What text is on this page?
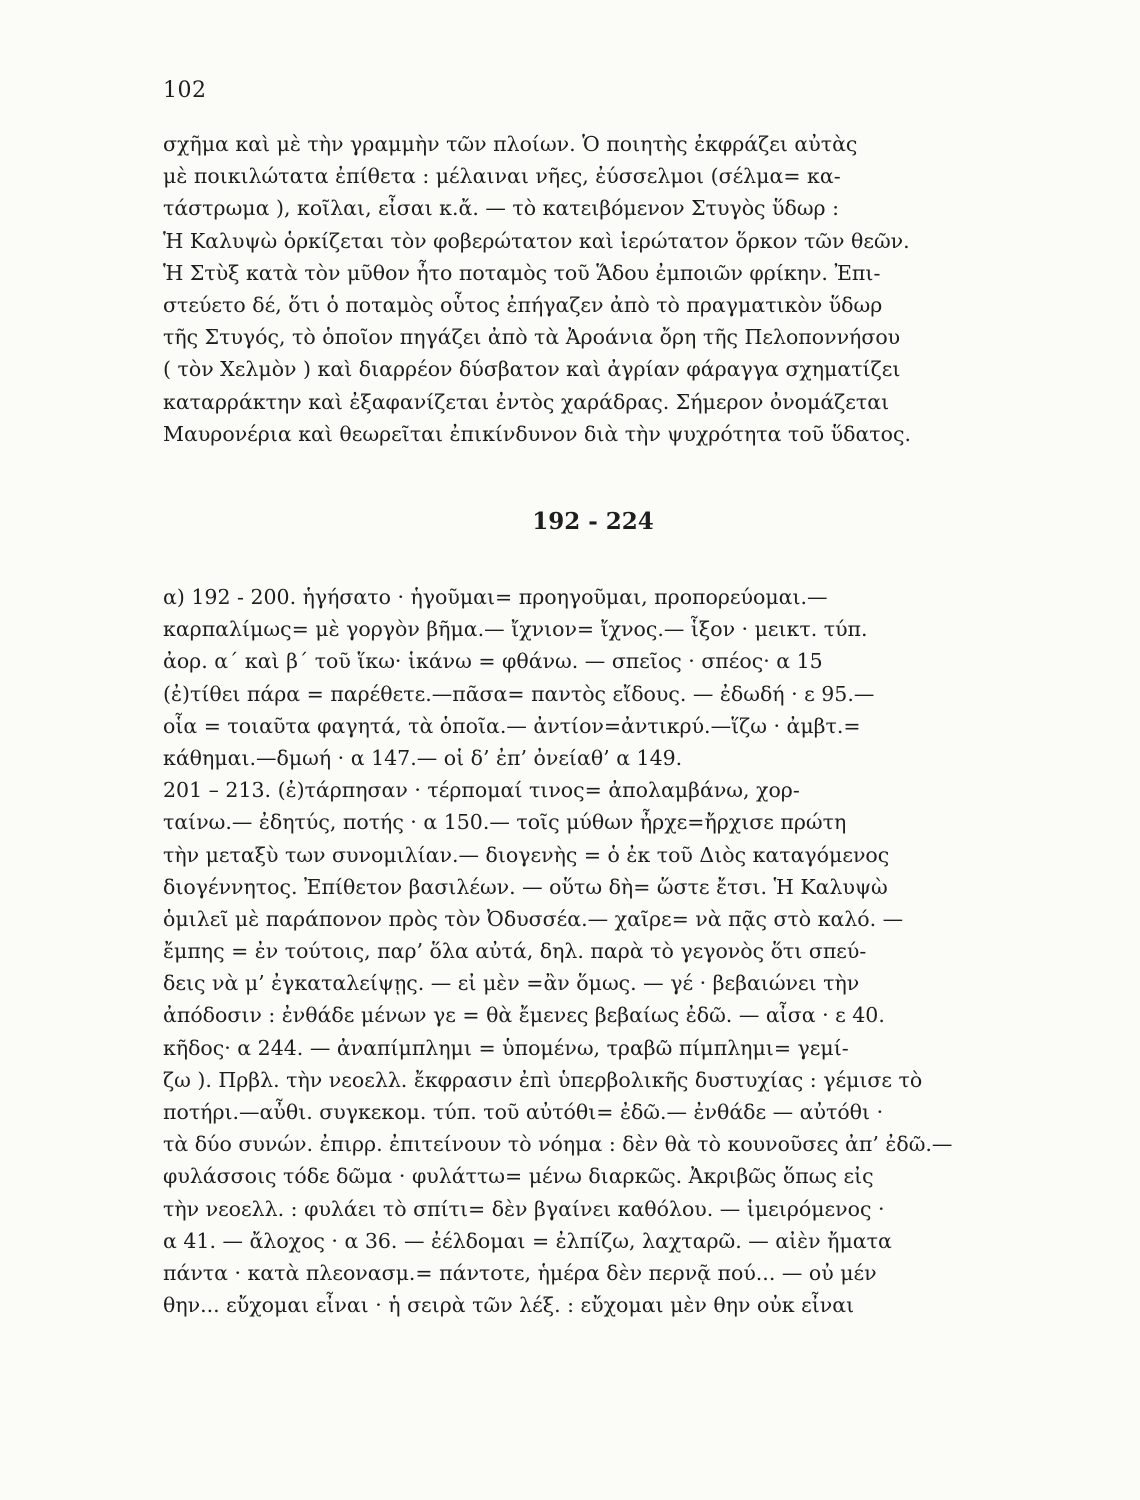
102
σχῆμα καὶ μὲ τὴν γραμμὴν τῶν πλοίων. Ὁ ποιητὴς ἐκφράζει αὐτὰς
μὲ ποικιλώτατα ἐπίθετα : μέλαιναι νῆες, ἐύσσελμοι (σέλμα= κα-
τάστρωμα ), κοῖλαι, εἶσαι κ.ἄ. — τὸ κατειβόμενον Στυγὸς ὕδωρ :
Ἡ Καλυψὼ ὁρκίζεται τὸν φοβερώτατον καὶ ἱερώτατον ὅρκον τῶν θεῶν.
Ἡ Στὺξ κατὰ τὸν μῦθον ἦτο ποταμὸς τοῦ Ἅδου ἐμποιῶν φρίκην. Ἐπι-
στεύετο δέ, ὅτι ὁ ποταμὸς οὗτος ἐπήγαζεν ἀπὸ τὸ πραγματικὸν ὕδωρ
τῆς Στυγός, τὸ ὁποῖον πηγάζει ἀπὸ τὰ Ἀροάνια ὄρη τῆς Πελοποννήσου
( τὸν Χελμὸν ) καὶ διαρρέον δύσβατον καὶ ἀγρίαν φάραγγα σχηματίζει
καταρράκτην καὶ ἐξαφανίζεται ἐντὸς χαράδρας. Σήμερον ὀνομάζεται
Μαυρονέρια καὶ θεωρεῖται ἐπικίνδυνον διὰ τὴν ψυχρότητα τοῦ ὕδατος.
192 - 224
α) 192 - 200. ἡγήσατο · ἡγοῦμαι= προηγοῦμαι, προπορεύομαι.—
καρπαλίμως= μὲ γοργὸν βῆμα.— ἴχνιον= ἴχνος.— ἷξον · μεικτ. τύπ.
ἀορ. α΄ καὶ β΄ τοῦ ἵκω· ἱκάνω = φθάνω. — σπεῖος · σπέος· α 15
(ἐ)τίθει πάρα = παρέθετε.—πᾶσα= παντὸς εἴδους. — ἐδωδή · ε 95.—
οἷα = τοιαῦτα φαγητά, τὰ ὁποῖα.— ἀντίον=ἀντικρύ.—ἵζω · ἀμβτ.=
κάθημαι.—δμωή · α 147.— οἱ δ’ ἐπ’ ὀνείαθ’ α 149.
201 – 213. (ἐ)τάρπησαν · τέρπομαί τινος= ἀπολαμβάνω, χορ-
ταίνω.— ἐδητύς, ποτής · α 150.— τοῖς μύθων ἦρχε=ἤρχισε πρώτη
τὴν μεταξὺ των συνομιλίαν.— διογενὴς = ὁ ἐκ τοῦ Διὸς καταγόμενος
διογέννητος. Ἐπίθετον βασιλέων. — οὕτω δὴ= ὥστε ἔτσι. Ἡ Καλυψὼ
ὁμιλεῖ μὲ παράπονον πρὸς τὸν Ὀδυσσέα.— χαῖρε= νὰ πᾷς στὸ καλό. —
ἔμπης = ἐν τούτοις, παρ’ ὅλα αὐτά, δηλ. παρὰ τὸ γεγονὸς ὅτι σπεύ-
δεις νὰ μ’ ἐγκαταλείψῃς. — εἰ μὲν =ἂν ὅμως. — γέ · βεβαιώνει τὴν
ἀπόδοσιν : ἐνθάδε μένων γε = θὰ ἔμενες βεβαίως ἐδῶ. — αἶσα · ε 40.
κῆδος· α 244. — ἀναπίμπλημι = ὑπομένω, τραβῶ πίμπλημι= γεμί-
ζω ). Πρβλ. τὴν νεοελλ. ἔκφρασιν ἐπὶ ὑπερβολικῆς δυστυχίας : γέμισε τὸ
ποτήρι.—αὖθι. συγκεκομ. τύπ. τοῦ αὐτόθι= ἐδῶ.— ἐνθάδε — αὐτόθι ·
τὰ δύο συνών. ἐπιρρ. ἐπιτείνουν τὸ νόημα : δὲν θὰ τὸ κουνοῦσες ἀπ’ ἐδῶ.—
φυλάσσοις τόδε δῶμα · φυλάττω= μένω διαρκῶς. Ἀκριβῶς ὅπως εἰς
τὴν νεοελλ. : φυλάει τὸ σπίτι= δὲν βγαίνει καθόλου. — ἱμειρόμενος ·
α 41. — ἄλοχος · α 36. — ἐέλδομαι = ἐλπίζω, λαχταρῶ. — αἰὲν ἤματα
πάντα · κατὰ πλεονασμ.= πάντοτε, ἡμέρα δὲν περνᾷ πού... — οὐ μέν
θην... εὔχομαι εἶναι · ἡ σειρὰ τῶν λέξ. : εὔχομαι μὲν θην οὐκ εἶναι
